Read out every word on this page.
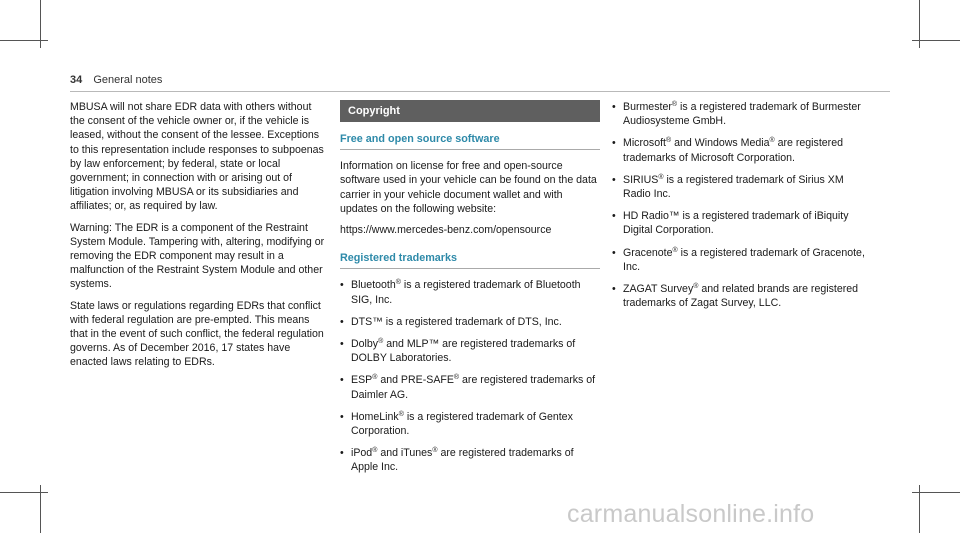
34 General notes

MBUSA will not share EDR data with others without the consent of the vehicle owner or, if the vehicle is leased, without the consent of the lessee. Exceptions to this representation include responses to subpoenas by law enforcement; by federal, state or local government; in connection with or arising out of litigation involving MBUSA or its subsidiaries and affiliates; or, as required by law.

Warning: The EDR is a component of the Restraint System Module. Tampering with, altering, modifying or removing the EDR component may result in a malfunction of the Restraint System Module and other systems.

State laws or regulations regarding EDRs that conflict with federal regulation are pre-empted. This means that in the event of such conflict, the federal regulation governs. As of December 2016, 17 states have enacted laws relating to EDRs.

Copyright
Free and open source software

Information on license for free and open-source software used in your vehicle can be found on the data carrier in your vehicle document wallet and with updates on the following website:

https://www.mercedes-benz.com/opensource

Registered trademarks
• Bluetooth® is a registered trademark of Bluetooth SIG, Inc.
• DTS™ is a registered trademark of DTS, Inc.
• Dolby® and MLP™ are registered trademarks of DOLBY Laboratories.
• ESP® and PRE-SAFE® are registered trademarks of Daimler AG.
• HomeLink® is a registered trademark of Gentex Corporation.
• iPod® and iTunes® are registered trademarks of Apple Inc.
• Burmester® is a registered trademark of Burmester Audiosysteme GmbH.
• Microsoft® and Windows Media® are registered trademarks of Microsoft Corporation.
• SIRIUS® is a registered trademark of Sirius XM Radio Inc.
• HD Radio™ is a registered trademark of iBiquity Digital Corporation.
• Gracenote® is a registered trademark of Gracenote, Inc.
• ZAGAT Survey® and related brands are registered trademarks of Zagat Survey, LLC.
carmanualsonline.info
